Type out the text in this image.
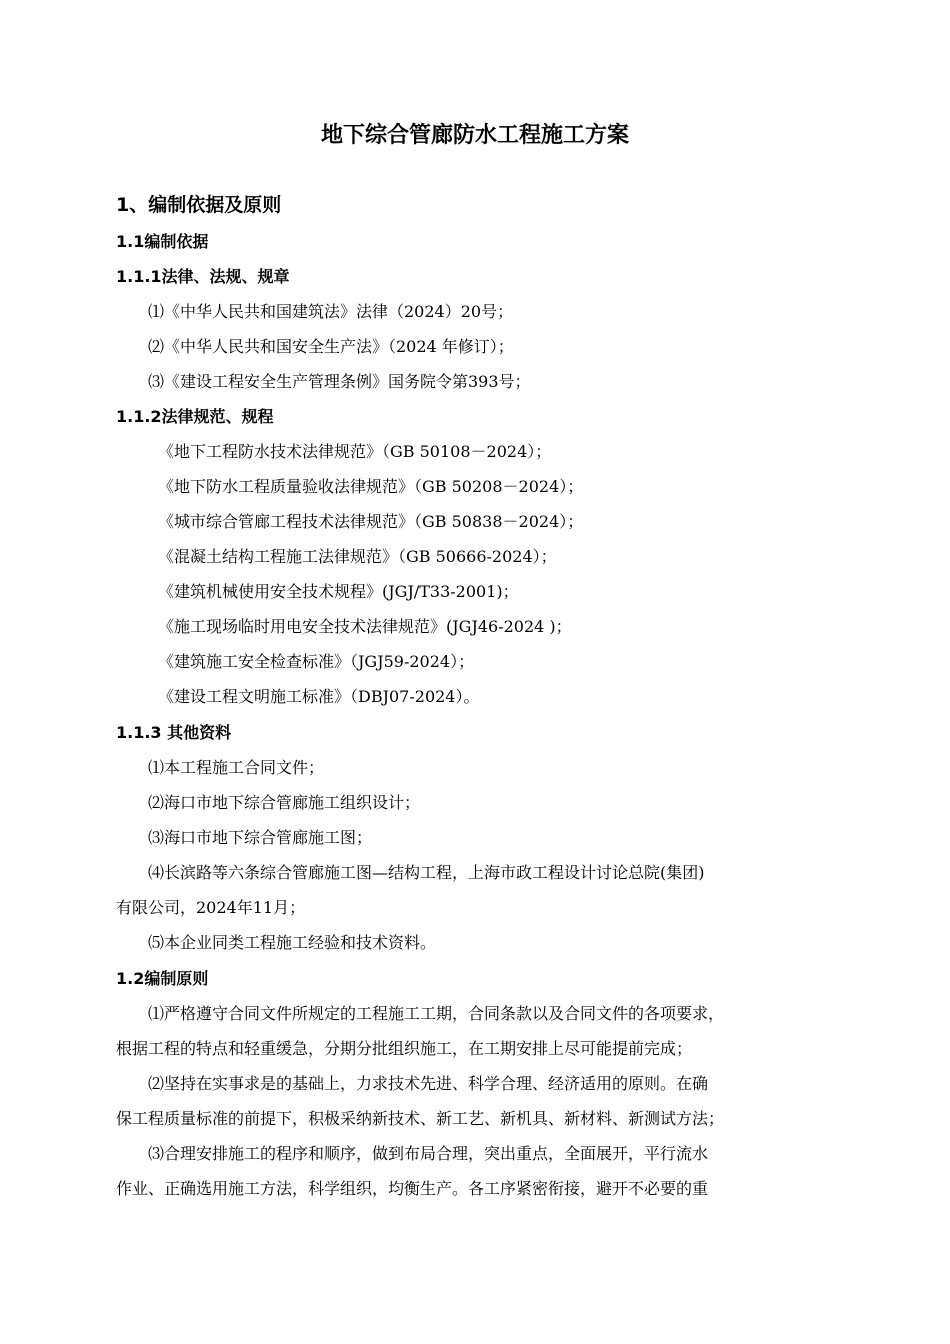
地下综合管廊防水工程施工方案
1、编制依据及原则
1.1编制依据
1.1.1法律、法规、规章
⑴《中华人民共和国建筑法》法律（2024）20号；
⑵《中华人民共和国安全生产法》（2024 年修订）；
⑶《建设工程安全生产管理条例》国务院令第393号；
1.1.2法律规范、规程
《地下工程防水技术法律规范》（GB 50108－2024）；
《地下防水工程质量验收法律规范》（GB 50208－2024）；
《城市综合管廊工程技术法律规范》（GB 50838－2024）；
《混凝土结构工程施工法律规范》（GB 50666-2024）；
《建筑机械使用安全技术规程》(JGJ/T33-2001)；
《施工现场临时用电安全技术法律规范》(JGJ46-2024 )；
《建筑施工安全检查标准》（JGJ59-2024）；
《建设工程文明施工标准》（DBJ07-2024）。
1.1.3 其他资料
⑴本工程施工合同文件；
⑵海口市地下综合管廊施工组织设计；
⑶海口市地下综合管廊施工图；
⑷长滨路等六条综合管廊施工图—结构工程，上海市政工程设计讨论总院(集团)
有限公司，2024年11月；
⑸本企业同类工程施工经验和技术资料。
1.2编制原则
⑴严格遵守合同文件所规定的工程施工工期，合同条款以及合同文件的各项要求，
根据工程的特点和轻重缓急，分期分批组织施工，在工期安排上尽可能提前完成；
⑵坚持在实事求是的基础上，力求技术先进、科学合理、经济适用的原则。在确
保工程质量标准的前提下，积极采纳新技术、新工艺、新机具、新材料、新测试方法；
⑶合理安排施工的程序和顺序，做到布局合理，突出重点，全面展开，平行流水
作业、正确选用施工方法，科学组织，均衡生产。各工序紧密衔接，避开不必要的重
